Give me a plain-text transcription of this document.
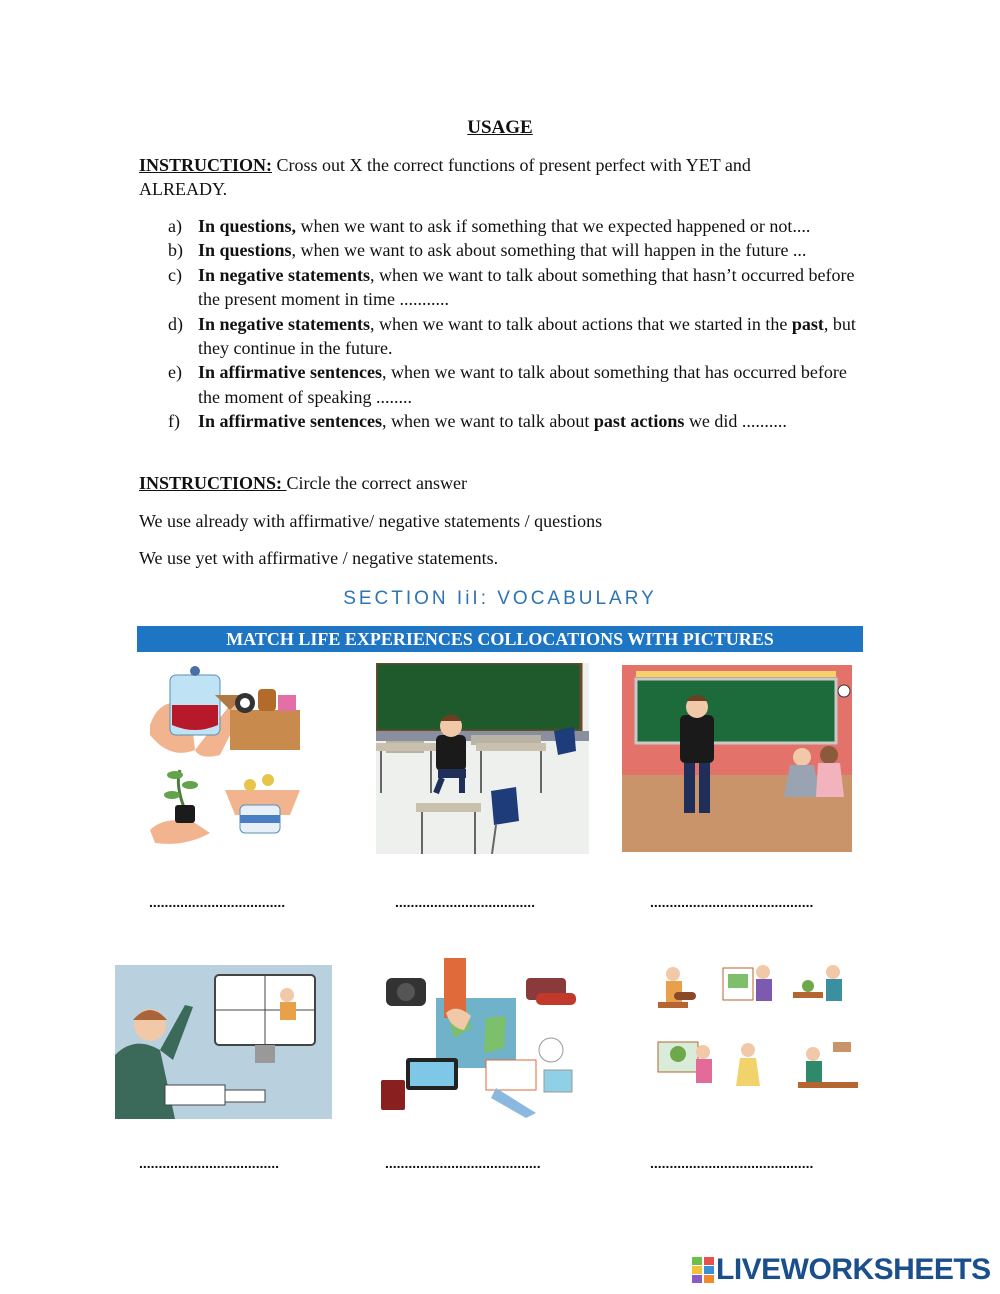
USAGE
INSTRUCTION: Cross out X the correct functions of present perfect with YET and ALREADY.
a) In questions, when we want to ask if something that we expected happened or not....
b) In questions, when we want to ask about something that will happen in the future ...
c) In negative statements, when we want to talk about something that hasn’t occurred before the present moment in time ...........
d) In negative statements, when we want to talk about actions that we started in the past, but they continue in the future.
e) In affirmative sentences, when we want to talk about something that has occurred before the moment of speaking ........
f) In affirmative sentences, when we want to talk about past actions we did ..........
INSTRUCTIONS: Circle the correct answer
We use already with affirmative/ negative statements / questions
We use yet with affirmative / negative statements.
SECTION IiI: VOCABULARY
MATCH LIFE EXPERIENCES COLLOCATIONS WITH PICTURES
...................................	....................................	..........................................
....................................	........................................	..........................................
LIVEWORKSHEETS
